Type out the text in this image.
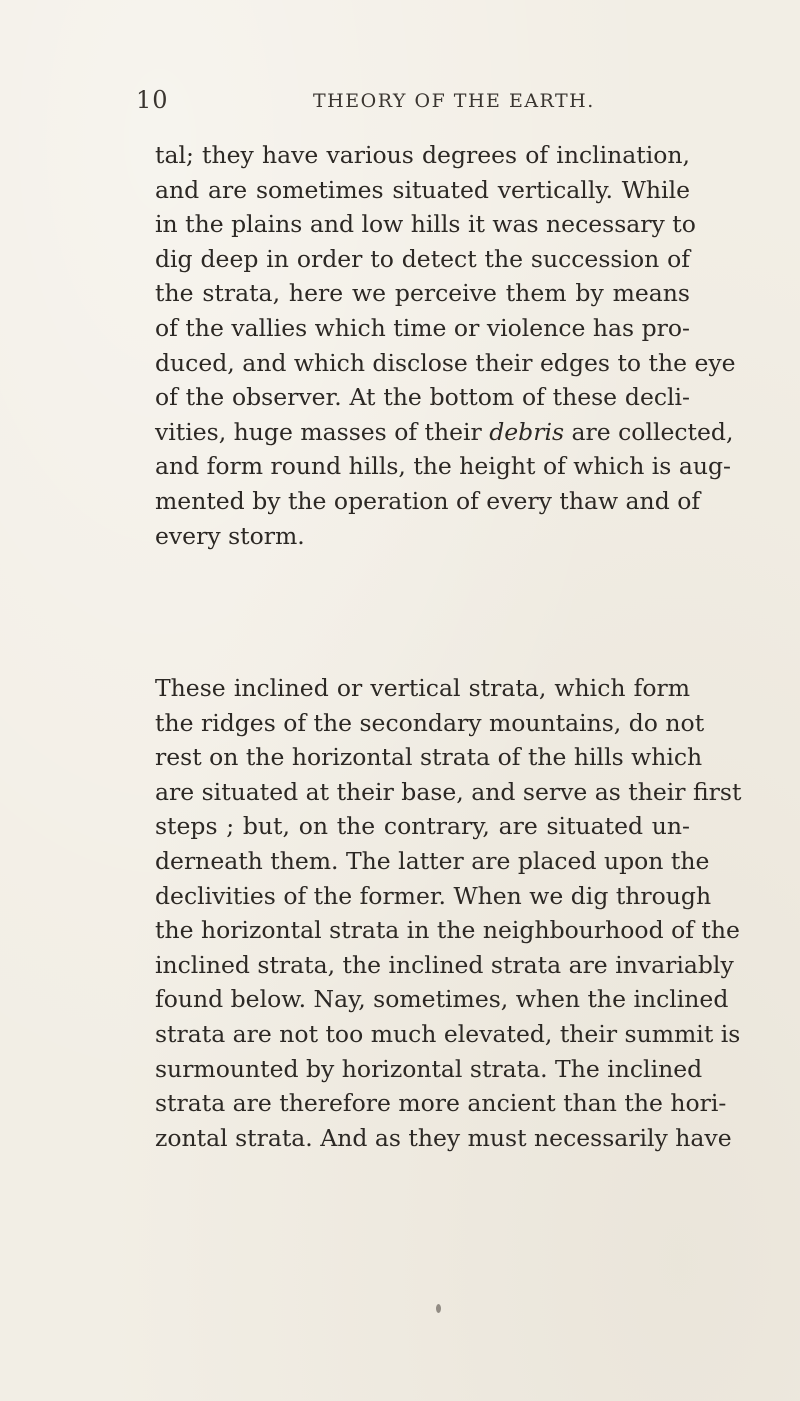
10	THEORY OF THE EARTH.
tal; they have various degrees of inclination,
and are sometimes situated vertically. While
in the plains and low hills it was necessary to
dig deep in order to detect the succession of
the strata, here we perceive them by means
of the vallies which time or violence has pro-
duced, and which disclose their edges to the eye
of the observer. At the bottom of these decli-
vities, huge masses of their debris are collected,
and form round hills, the height of which is aug-
mented by the operation of every thaw and of
every storm.
These inclined or vertical strata, which form
the ridges of the secondary mountains, do not
rest on the horizontal strata of the hills which
are situated at their base, and serve as their first
steps ; but, on the contrary, are situated un-
derneath them. The latter are placed upon the
declivities of the former. When we dig through
the horizontal strata in the neighbourhood of the
inclined strata, the inclined strata are invariably
found below. Nay, sometimes, when the inclined
strata are not too much elevated, their summit is
surmounted by horizontal strata. The inclined
strata are therefore more ancient than the hori-
zontal strata. And as they must necessarily have
